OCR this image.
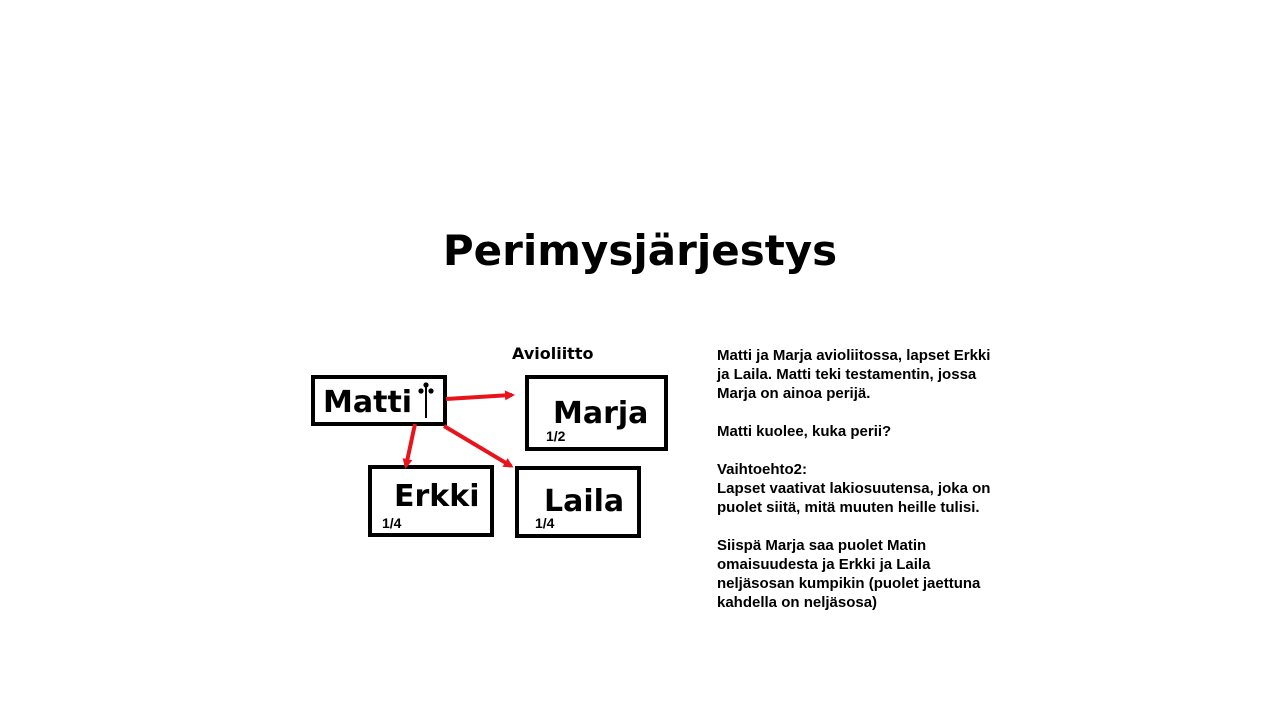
Perimysjärjestys
Avioliitto
Matti	Marja
1/2
Erkki
1/4
Laila
1/4

Matti ja Marja avioliitossa, lapset Erkki
ja Laila. Matti teki testamentin, jossa
Marja on ainoa perijä.

Matti kuolee, kuka perii?

Vaihtoehto2:
Lapset vaativat lakiosuutensa, joka on
puolet siitä, mitä muuten heille tulisi.

Siispä Marja saa puolet Matin
omaisuudesta ja Erkki ja Laila
neljäsosan kumpikin (puolet jaettuna
kahdella on neljäsosa)
